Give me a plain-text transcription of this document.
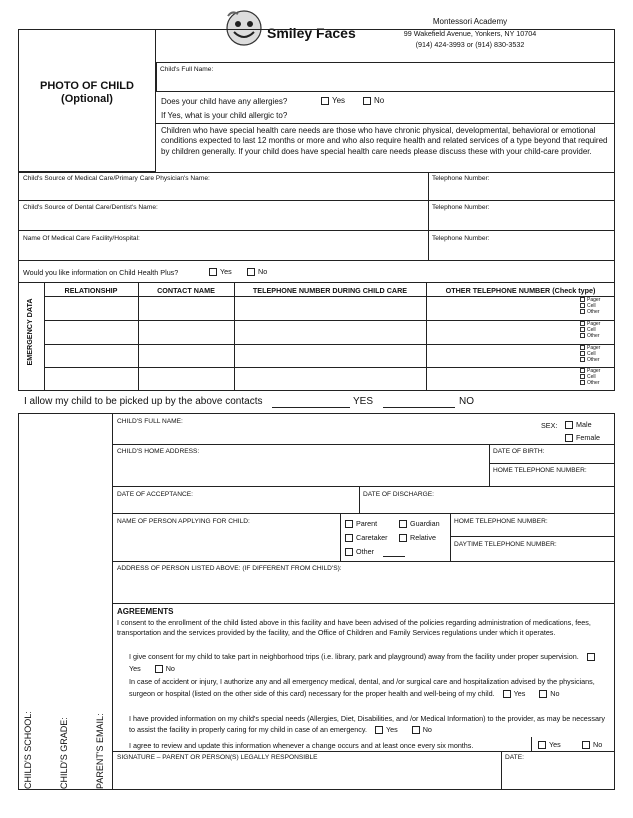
Smiley Faces
Montessori Academy
99 Wakefield Avenue, Yonkers, NY 10704
(914) 424-3993 or (914) 830-3532
PHOTO OF CHILD
(Optional)
Child's Full Name:
Does your child have any allergies?	Yes	No
If Yes, what is your child allergic to?
Children who have special health care needs are those who have chronic physical, developmental, behavioral or emotional conditions expected to last 12 months or more and who also require health and related services of a type beyond that required by children generally. If your child does have special health care needs please discuss these with your child-care provider.
Child's Source of Medical Care/Primary Care Physician's Name:	Telephone Number:
Child's Source of Dental Care/Dentist's Name:	Telephone Number:
Name Of Medical Care Facility/Hospital:	Telephone Number:
Would you like information on Child Health Plus?	Yes	No
EMERGENCY DATA
RELATIONSHIP	CONTACT NAME	TELEPHONE NUMBER DURING CHILD CARE	OTHER TELEPHONE NUMBER (Check type)
Pager
Cell
Other
Pager
Cell
Other
Pager
Cell
Other
Pager
Cell
Other
I allow my child to be picked up by the above contacts	YES	NO
CHILD'S SCHOOL:	CHILD'S GRADE:	PARENT'S EMAIL:
CHILD'S FULL NAME:	SEX:	Male
Female
CHILD'S HOME ADDRESS:	DATE OF BIRTH:
HOME TELEPHONE NUMBER:
DATE OF ACCEPTANCE:	DATE OF DISCHARGE:
NAME OF PERSON APPLYING FOR CHILD:	Parent	Guardian
Caretaker	Relative
Other
HOME TELEPHONE NUMBER:
DAYTIME TELEPHONE NUMBER:
ADDRESS OF PERSON LISTED ABOVE: (IF DIFFERENT FROM CHILD'S):
AGREEMENTS
I consent to the enrollment of the child listed above in this facility and have been advised of the policies regarding administration of medications, fees, transportation and the services provided by the facility, and the Office of Children and Family Services regulations under which it operates.
I give consent for my child to take part in neighborhood trips (i.e. library, park and playground) away from the facility under proper supervision. Yes	No
In case of accident or injury, I authorize any and all emergency medical, dental, and /or surgical care and hospitalization advised by the physicians, surgeon or hospital (listed on the other side of this card) necessary for the proper health and well-being of my child.	Yes	No
I have provided information on my child's special needs (Allergies, Diet, Disabilities, and /or Medical Information) to the provider, as may be necessary to assist the facility in properly caring for my child in case of an emergency.	Yes	No
I agree to review and update this information whenever a change occurs and at least once every six months.	Yes	No
SIGNATURE – PARENT OR PERSON(S) LEGALLY RESPONSIBLE	DATE:
